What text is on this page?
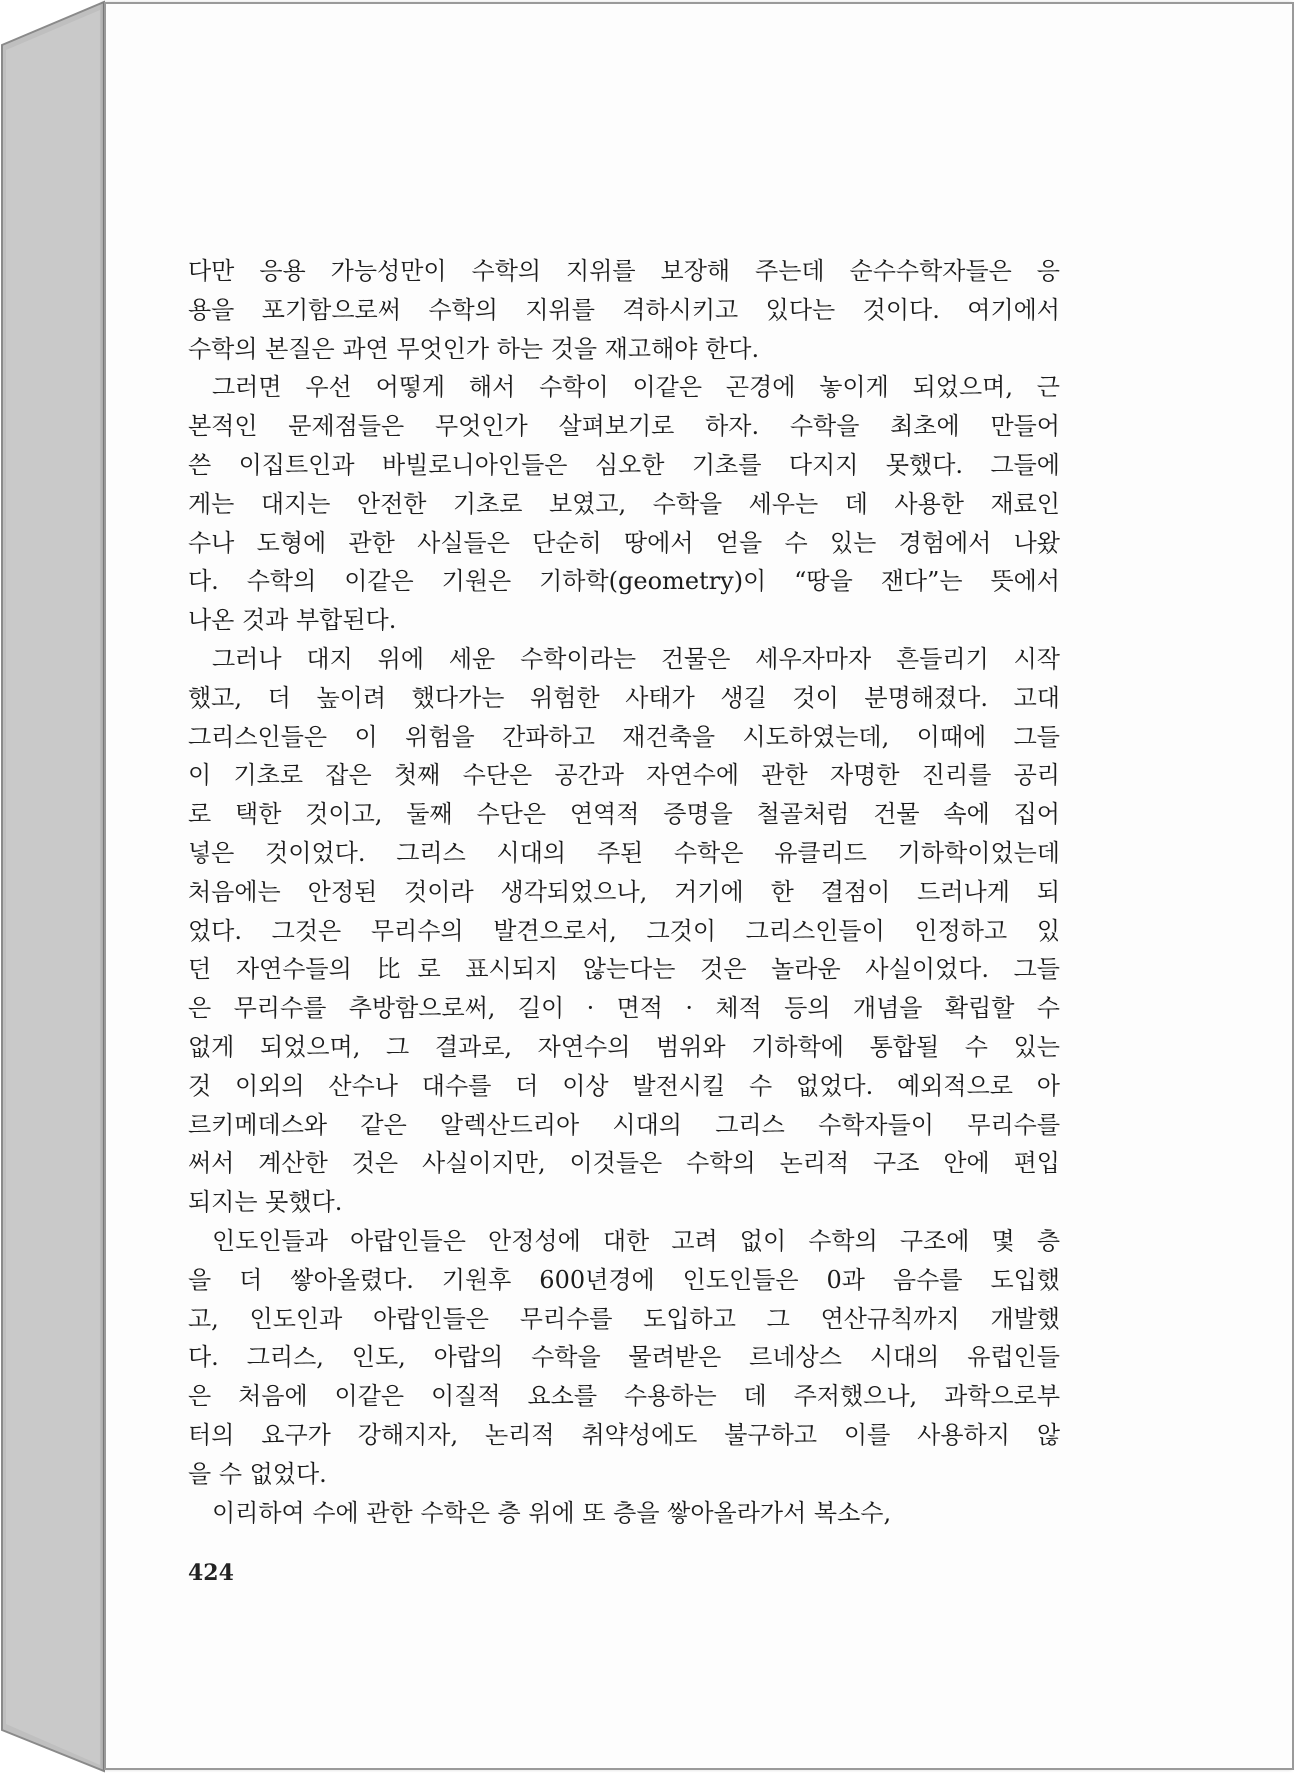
다만 응용 가능성만이 수학의 지위를 보장해 주는데 순수수학자들은 응
용을 포기함으로써 수학의 지위를 격하시키고 있다는 것이다. 여기에서
수학의 본질은 과연 무엇인가 하는 것을 재고해야 한다.
그러면 우선 어떻게 해서 수학이 이같은 곤경에 놓이게 되었으며, 근
본적인 문제점들은 무엇인가 살펴보기로 하자. 수학을 최초에 만들어
쓴 이집트인과 바빌로니아인들은 심오한 기초를 다지지 못했다. 그들에
게는 대지는 안전한 기초로 보였고, 수학을 세우는 데 사용한 재료인
수나 도형에 관한 사실들은 단순히 땅에서 얻을 수 있는 경험에서 나왔
다. 수학의 이같은 기원은 기하학(geometry)이 “땅을 잰다”는 뜻에서
나온 것과 부합된다.
그러나 대지 위에 세운 수학이라는 건물은 세우자마자 흔들리기 시작
했고, 더 높이려 했다가는 위험한 사태가 생길 것이 분명해졌다. 고대
그리스인들은 이 위험을 간파하고 재건축을 시도하였는데, 이때에 그들
이 기초로 잡은 첫째 수단은 공간과 자연수에 관한 자명한 진리를 공리
로 택한 것이고, 둘째 수단은 연역적 증명을 철골처럼 건물 속에 집어
넣은 것이었다. 그리스 시대의 주된 수학은 유클리드 기하학이었는데
처음에는 안정된 것이라 생각되었으나, 거기에 한 결점이 드러나게 되
었다. 그것은 무리수의 발견으로서, 그것이 그리스인들이 인정하고 있
던 자연수들의 比로 표시되지 않는다는 것은 놀라운 사실이었다. 그들
은 무리수를 추방함으로써, 길이 · 면적 · 체적 등의 개념을 확립할 수
없게 되었으며, 그 결과로, 자연수의 범위와 기하학에 통합될 수 있는
것 이외의 산수나 대수를 더 이상 발전시킬 수 없었다. 예외적으로 아
르키메데스와 같은 알렉산드리아 시대의 그리스 수학자들이 무리수를
써서 계산한 것은 사실이지만, 이것들은 수학의 논리적 구조 안에 편입
되지는 못했다.
인도인들과 아랍인들은 안정성에 대한 고려 없이 수학의 구조에 몇 층
을 더 쌓아올렸다. 기원후 600년경에 인도인들은 0과 음수를 도입했
고, 인도인과 아랍인들은 무리수를 도입하고 그 연산규칙까지 개발했
다. 그리스, 인도, 아랍의 수학을 물려받은 르네상스 시대의 유럽인들
은 처음에 이같은 이질적 요소를 수용하는 데 주저했으나, 과학으로부
터의 요구가 강해지자, 논리적 취약성에도 불구하고 이를 사용하지 않
을 수 없었다.
이리하여 수에 관한 수학은 층 위에 또 층을 쌓아올라가서 복소수,
424
